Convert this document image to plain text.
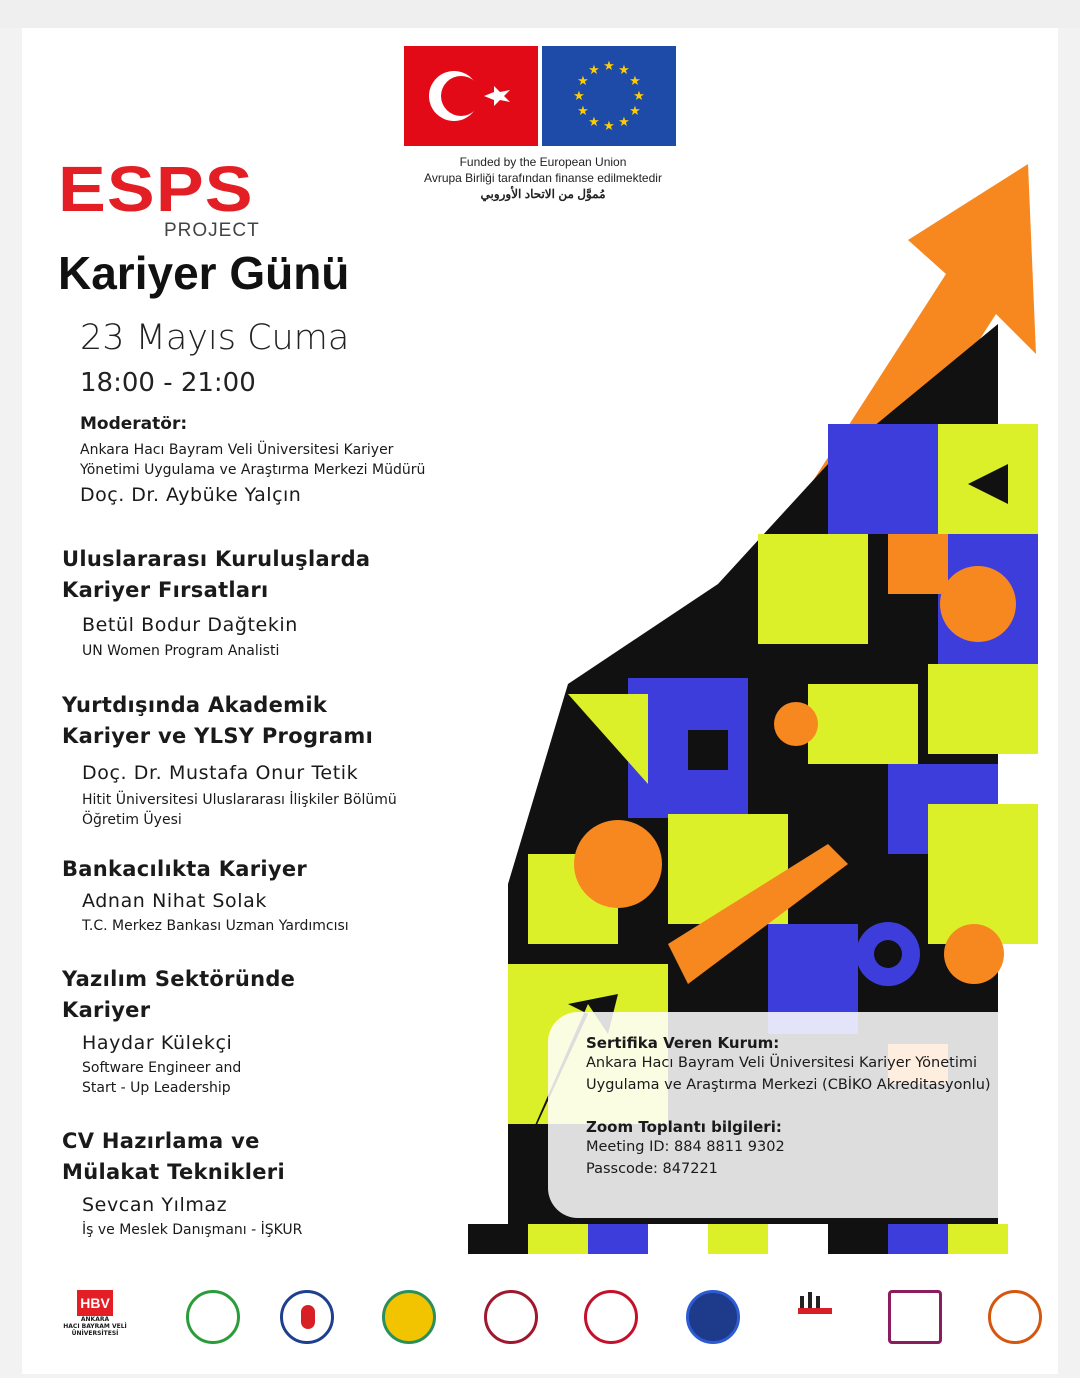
★ ★
★
★
★
★
★
★
★
★
★
★
Funded by the European Union
Avrupa Birliği tarafından finanse edilmektedir
مُموَّل من الاتحاد الأوروبي
ESPS
PROJECT
Kariyer Günü
23 Mayıs Cuma
18:00 - 21:00
Moderatör:
Ankara Hacı Bayram Veli Üniversitesi Kariyer
Yönetimi Uygulama ve Araştırma Merkezi Müdürü
Doç. Dr. Aybüke Yalçın
Uluslararası Kuruluşlarda
Kariyer Fırsatları
Betül Bodur Dağtekin
UN Women Program Analisti
Yurtdışında Akademik
Kariyer ve YLSY Programı
Doç. Dr. Mustafa Onur Tetik
Hitit Üniversitesi Uluslararası İlişkiler Bölümü
Öğretim Üyesi
Bankacılıkta Kariyer
Adnan Nihat Solak
T.C. Merkez Bankası Uzman Yardımcısı
Yazılım Sektöründe
Kariyer
Haydar Külekçi
Software Engineer and
Start - Up Leadership
CV Hazırlama ve
Mülakat Teknikleri
Sevcan Yılmaz
İş ve Meslek Danışmanı - İŞKUR
Sertifika Veren Kurum:
Ankara Hacı Bayram Veli Üniversitesi Kariyer Yönetimi
Uygulama ve Araştırma Merkezi (CBİKO Akreditasyonlu)
Zoom Toplantı bilgileri:
Meeting ID: 884 8811 9302
Passcode: 847221
HBV
ANKARA
HACI BAYRAM VELİ
ÜNİVERSİTESİ
